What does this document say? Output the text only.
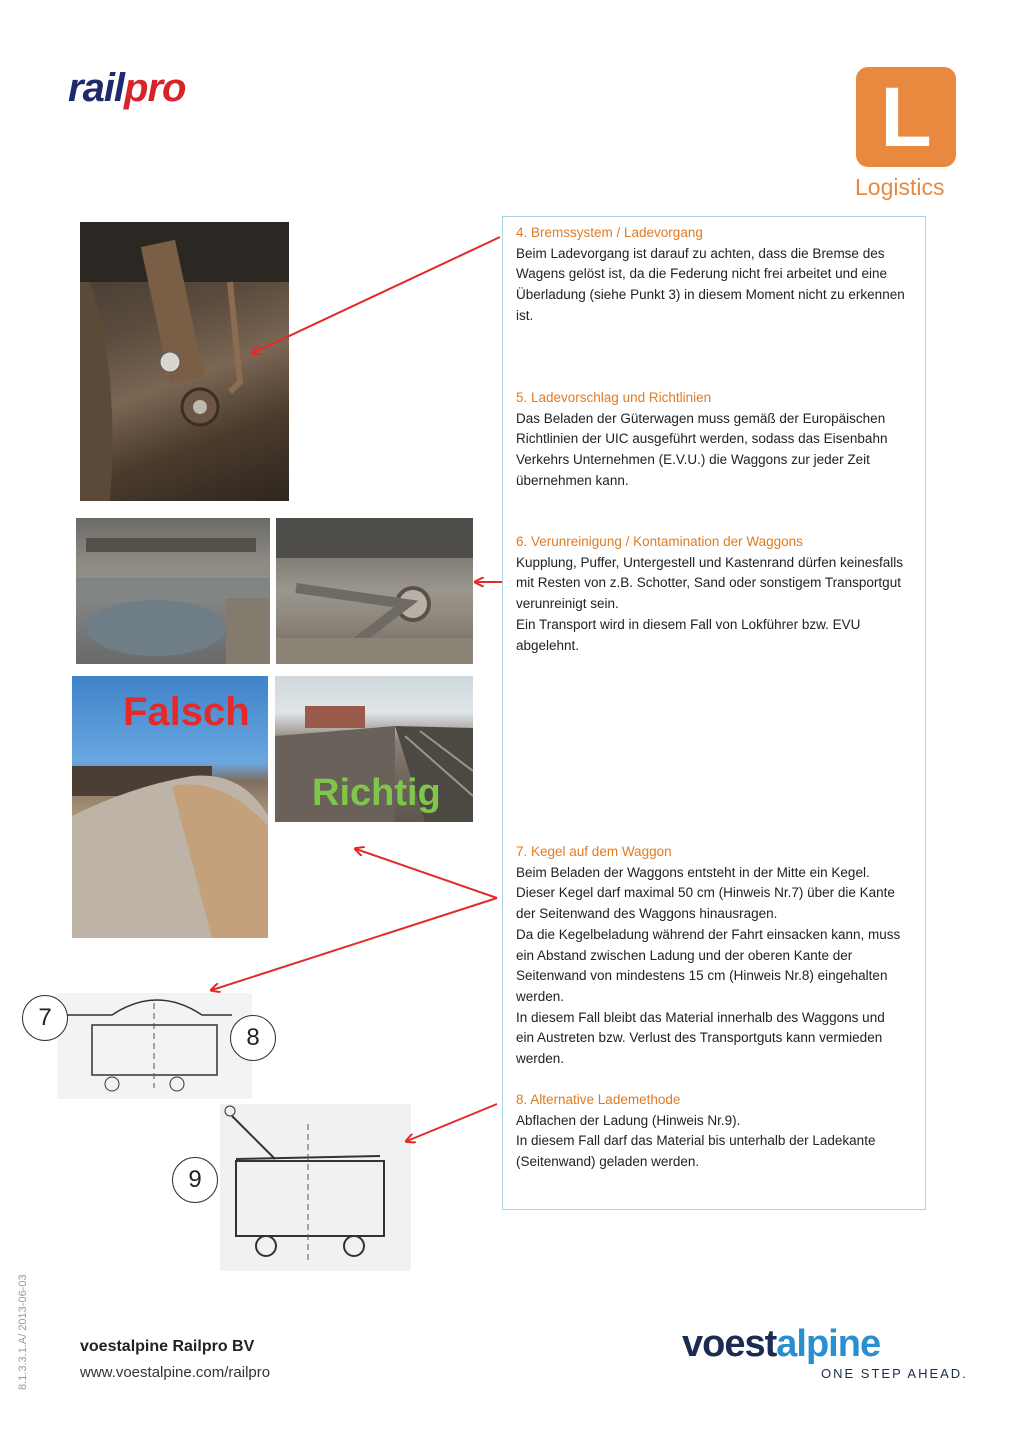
railpro	L
Logistics
Falsch
Richtig
7
8
9

4. Bremssystem / Ladevorgang

Beim Ladevorgang ist darauf zu achten, dass die Bremse des

Wagens gelöst ist, da die Federung nicht frei arbeitet und eine

Überladung (siehe Punkt 3) in diesem Moment nicht zu erkennen

ist.

5. Ladevorschlag und Richtlinien

Das Beladen der Güterwagen muss gemäß der Europäischen

Richtlinien der UIC ausgeführt werden, sodass das Eisenbahn

Verkehrs Unternehmen (E.V.U.) die Waggons zur jeder Zeit

übernehmen kann.

6. Verunreinigung / Kontamination der Waggons

Kupplung, Puffer, Untergestell und Kastenrand dürfen keinesfalls

mit Resten von z.B. Schotter, Sand oder sonstigem Transportgut

verunreinigt sein.

Ein Transport wird in diesem Fall von Lokführer bzw. EVU

abgelehnt.

7. Kegel auf dem Waggon

Beim Beladen der Waggons entsteht in der Mitte ein Kegel.

Dieser Kegel darf maximal 50 cm (Hinweis Nr.7) über die Kante

der Seitenwand des Waggons hinausragen.

Da die Kegelbeladung während der Fahrt einsacken kann, muss

ein Abstand zwischen Ladung und der oberen Kante der

Seitenwand von mindestens 15 cm (Hinweis Nr.8) eingehalten

werden.

In diesem Fall bleibt das Material innerhalb des Waggons und

ein Austreten bzw. Verlust des Transportguts kann vermieden

werden.

8. Alternative Lademethode

Abflachen der Ladung (Hinweis Nr.9).

In diesem Fall darf das Material bis unterhalb der Ladekante

(Seitenwand) geladen werden.

8.1.3.3.1.A/ 2013-06-03	voestalpine Railpro BV
www.voestalpine.com/railpro
voestalpine
ONE STEP AHEAD.
